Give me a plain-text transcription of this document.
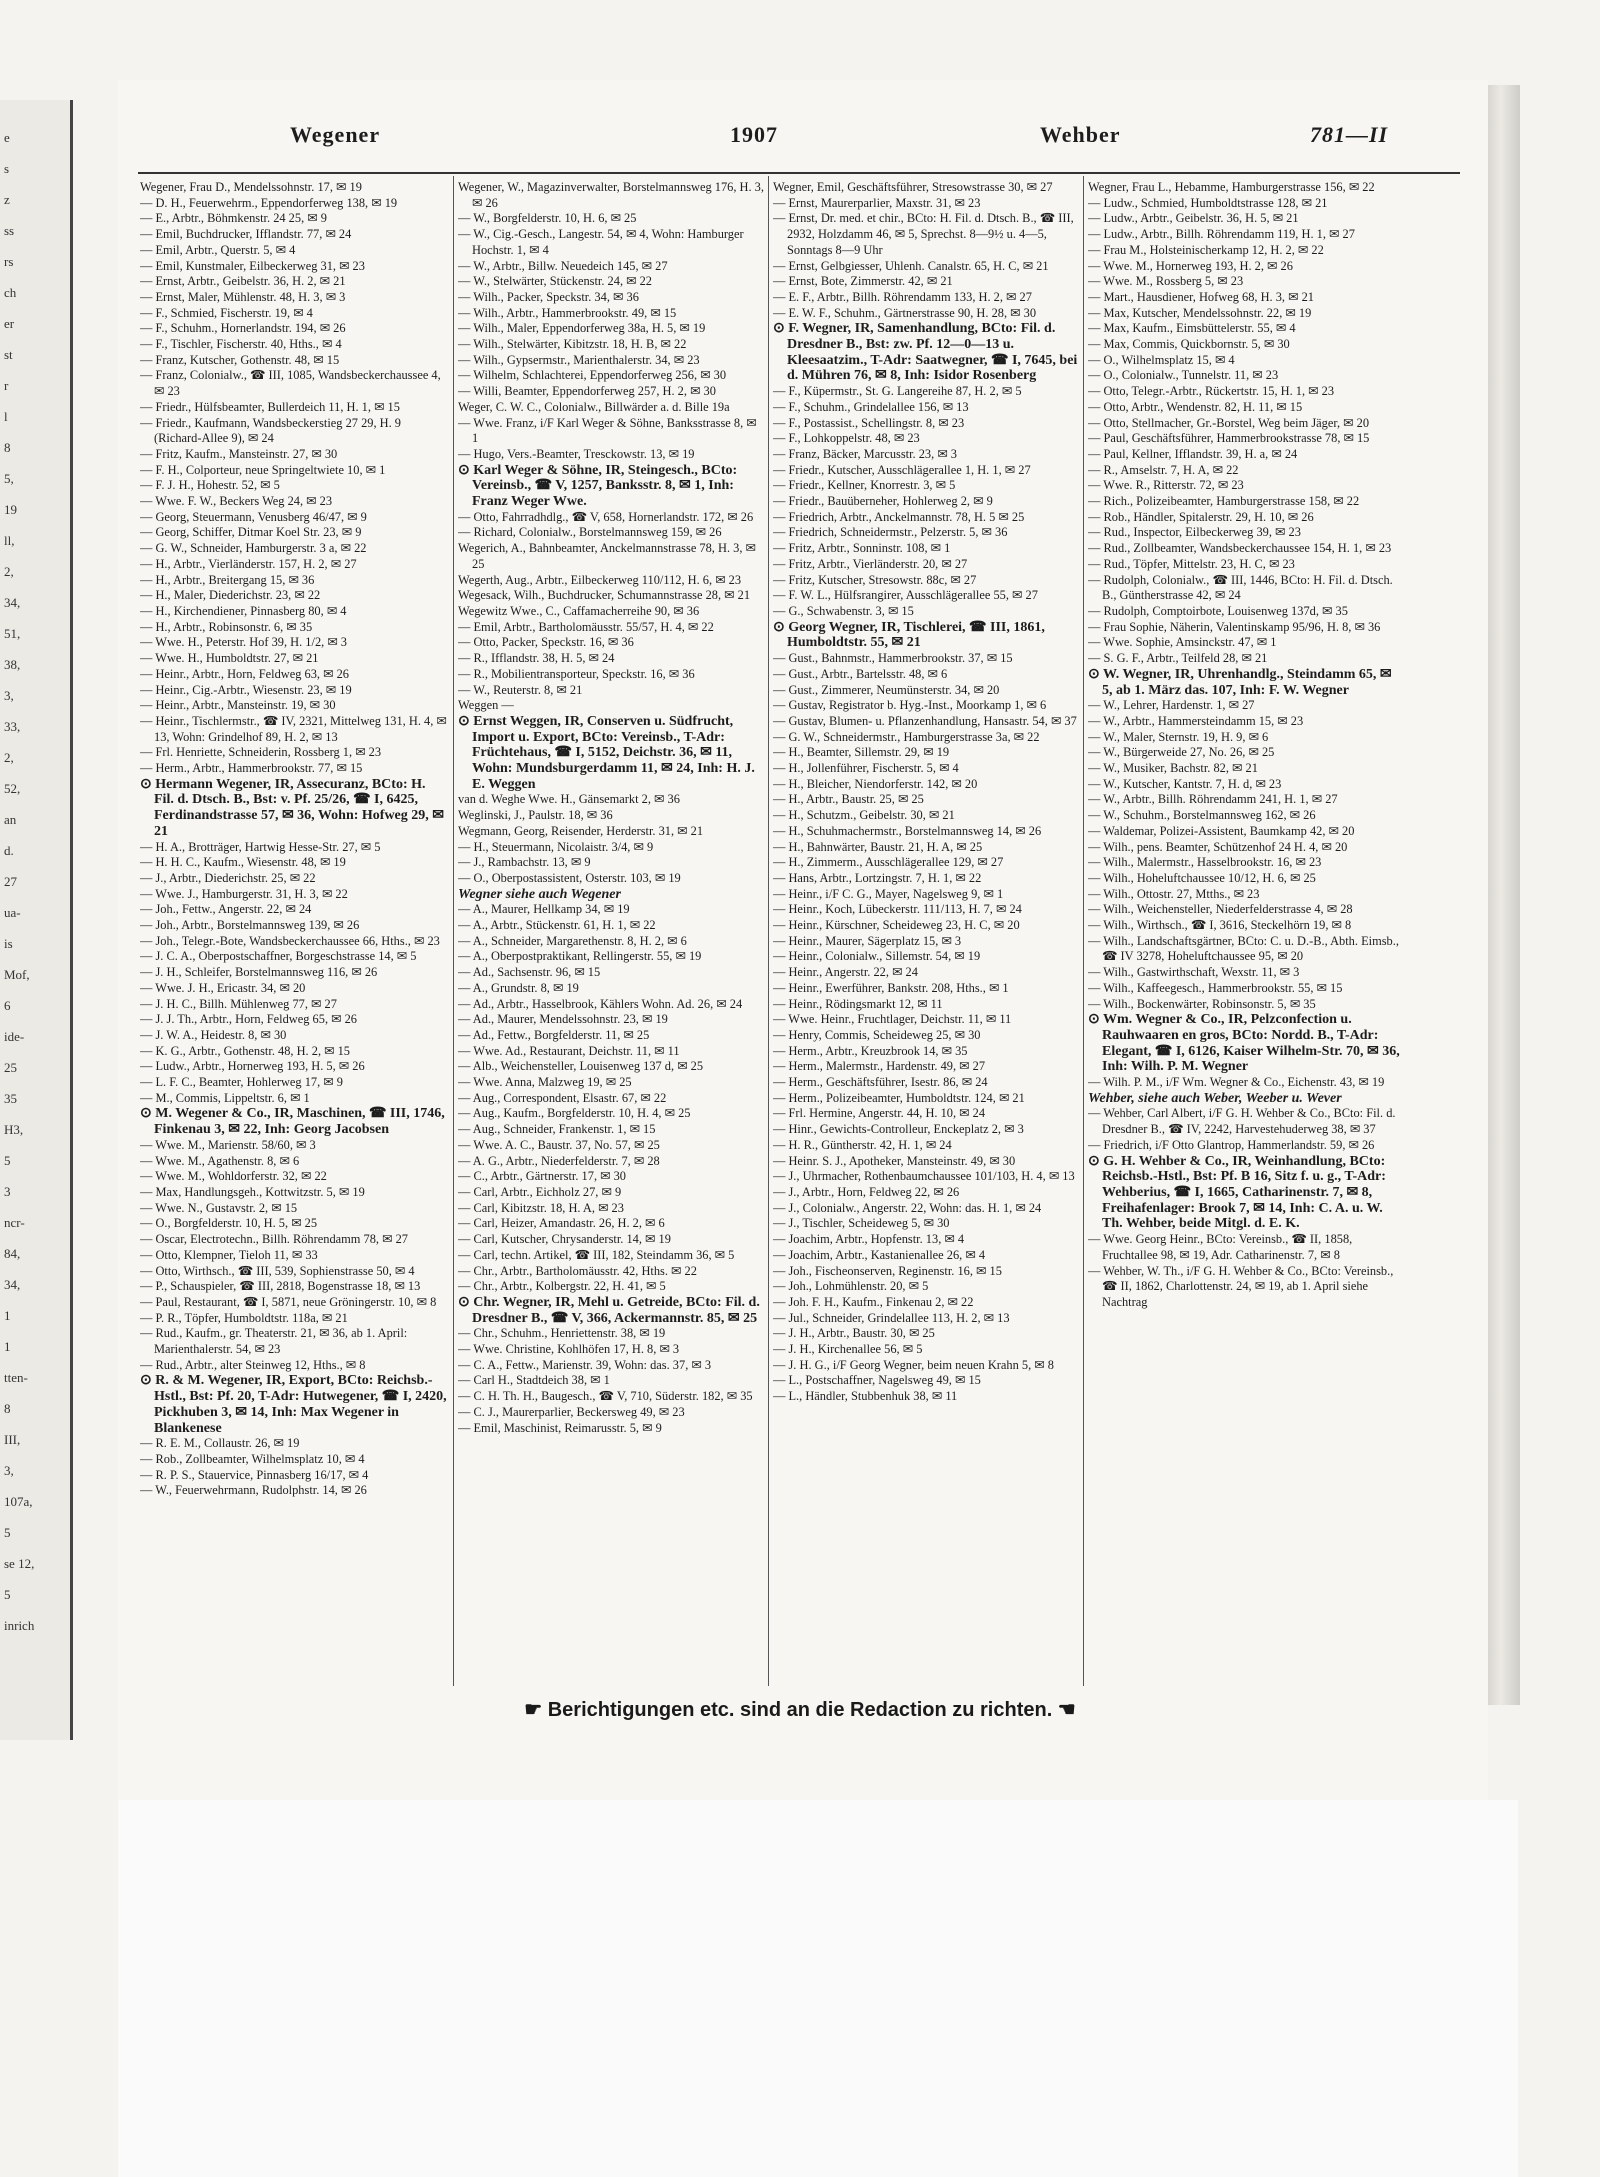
e
s
z
ss
rs
ch
er
st
r
l
8
5,
19
ll,
2,
34,
51,
38,
3,
33,
2,
52,
an
d.
27
ua-
is
Mof,
6
ide-
25
35
H3,
5
3
ncr-
84,
34,
1
1
tten-
8
III,
3,
107a,
5
se 12,
5
inrich
Wegener	1907	Wehber	781—II

Wegener, Frau D., Mendelssohnstr. 17, ✉ 19

— D. H., Feuerwehrm., Eppendorferweg 138, ✉ 19

— E., Arbtr., Böhmkenstr. 24 25, ✉ 9

— Emil, Buchdrucker, Ifflandstr. 77, ✉ 24

— Emil, Arbtr., Querstr. 5, ✉ 4

— Emil, Kunstmaler, Eilbeckerweg 31, ✉ 23

— Ernst, Arbtr., Geibelstr. 36, H. 2, ✉ 21

— Ernst, Maler, Mühlenstr. 48, H. 3, ✉ 3

— F., Schmied, Fischerstr. 19, ✉ 4

— F., Schuhm., Hornerlandstr. 194, ✉ 26

— F., Tischler, Fischerstr. 40, Hths., ✉ 4

— Franz, Kutscher, Gothenstr. 48, ✉ 15

— Franz, Colonialw., ☎ III, 1085, Wandsbeckerchaussee 4, ✉ 23

— Friedr., Hülfsbeamter, Bullerdeich 11, H. 1, ✉ 15

— Friedr., Kaufmann, Wandsbeckerstieg 27 29, H. 9 (Richard-Allee 9), ✉ 24

— Fritz, Kaufm., Mansteinstr. 27, ✉ 30

— F. H., Colporteur, neue Springeltwiete 10, ✉ 1

— F. J. H., Hohestr. 52, ✉ 5

— Wwe. F. W., Beckers Weg 24, ✉ 23

— Georg, Steuermann, Venusberg 46/47, ✉ 9

— Georg, Schiffer, Ditmar Koel Str. 23, ✉ 9

— G. W., Schneider, Hamburgerstr. 3 a, ✉ 22

— H., Arbtr., Vierländerstr. 157, H. 2, ✉ 27

— H., Arbtr., Breitergang 15, ✉ 36

— H., Maler, Diederichstr. 23, ✉ 22

— H., Kirchendiener, Pinnasberg 80, ✉ 4

— H., Arbtr., Robinsonstr. 6, ✉ 35

— Wwe. H., Peterstr. Hof 39, H. 1/2, ✉ 3

— Wwe. H., Humboldtstr. 27, ✉ 21

— Heinr., Arbtr., Horn, Feldweg 63, ✉ 26

— Heinr., Cig.-Arbtr., Wiesenstr. 23, ✉ 19

— Heinr., Arbtr., Mansteinstr. 19, ✉ 30

— Heinr., Tischlermstr., ☎ IV, 2321, Mittelweg 131, H. 4, ✉ 13, Wohn: Grindelhof 89, H. 2, ✉ 13

— Frl. Henriette, Schneiderin, Rossberg 1, ✉ 23

— Herm., Arbtr., Hammerbrookstr. 77, ✉ 15

⊙ Hermann Wegener, IR, Assecuranz, BCto: H. Fil. d. Dtsch. B., Bst: v. Pf. 25/26, ☎ I, 6425, Ferdinandstrasse 57, ✉ 36, Wohn: Hofweg 29, ✉ 21

— H. A., Brotträger, Hartwig Hesse-Str. 27, ✉ 5

— H. H. C., Kaufm., Wiesenstr. 48, ✉ 19

— J., Arbtr., Diederichstr. 25, ✉ 22

— Wwe. J., Hamburgerstr. 31, H. 3, ✉ 22

— Joh., Fettw., Angerstr. 22, ✉ 24

— Joh., Arbtr., Borstelmannsweg 139, ✉ 26

— Joh., Telegr.-Bote, Wandsbeckerchaussee 66, Hths., ✉ 23

— J. C. A., Oberpostschaffner, Borgeschstrasse 14, ✉ 5

— J. H., Schleifer, Borstelmannsweg 116, ✉ 26

— Wwe. J. H., Ericastr. 34, ✉ 20

— J. H. C., Billh. Mühlenweg 77, ✉ 27

— J. J. Th., Arbtr., Horn, Feldweg 65, ✉ 26

— J. W. A., Heidestr. 8, ✉ 30

— K. G., Arbtr., Gothenstr. 48, H. 2, ✉ 15

— Ludw., Arbtr., Hornerweg 193, H. 5, ✉ 26

— L. F. C., Beamter, Hohlerweg 17, ✉ 9

— M., Commis, Lippeltstr. 6, ✉ 1

⊙ M. Wegener & Co., IR, Maschinen, ☎ III, 1746, Finkenau 3, ✉ 22, Inh: Georg Jacobsen

— Wwe. M., Marienstr. 58/60, ✉ 3

— Wwe. M., Agathenstr. 8, ✉ 6

— Wwe. M., Wohldorferstr. 32, ✉ 22

— Max, Handlungsgeh., Kottwitzstr. 5, ✉ 19

— Wwe. N., Gustavstr. 2, ✉ 15

— O., Borgfelderstr. 10, H. 5, ✉ 25

— Oscar, Electrotechn., Billh. Röhrendamm 78, ✉ 27

— Otto, Klempner, Tieloh 11, ✉ 33

— Otto, Wirthsch., ☎ III, 539, Sophienstrasse 50, ✉ 4

— P., Schauspieler, ☎ III, 2818, Bogenstrasse 18, ✉ 13

— Paul, Restaurant, ☎ I, 5871, neue Gröningerstr. 10, ✉ 8

— P. R., Töpfer, Humboldtstr. 118a, ✉ 21

— Rud., Kaufm., gr. Theaterstr. 21, ✉ 36, ab 1. April: Marienthalerstr. 54, ✉ 23

— Rud., Arbtr., alter Steinweg 12, Hths., ✉ 8

⊙ R. & M. Wegener, IR, Export, BCto: Reichsb.-Hstl., Bst: Pf. 20, T-Adr: Hutwegener, ☎ I, 2420, Pickhuben 3, ✉ 14, Inh: Max Wegener in Blankenese

— R. E. M., Collaustr. 26, ✉ 19

— Rob., Zollbeamter, Wilhelmsplatz 10, ✉ 4

— R. P. S., Stauervice, Pinnasberg 16/17, ✉ 4

— W., Feuerwehrmann, Rudolphstr. 14, ✉ 26

Wegener, W., Magazinverwalter, Borstelmannsweg 176, H. 3, ✉ 26

— W., Borgfelderstr. 10, H. 6, ✉ 25

— W., Cig.-Gesch., Langestr. 54, ✉ 4, Wohn: Hamburger Hochstr. 1, ✉ 4

— W., Arbtr., Billw. Neuedeich 145, ✉ 27

— W., Stelwärter, Stückenstr. 24, ✉ 22

— Wilh., Packer, Speckstr. 34, ✉ 36

— Wilh., Arbtr., Hammerbrookstr. 49, ✉ 15

— Wilh., Maler, Eppendorferweg 38a, H. 5, ✉ 19

— Wilh., Stelwärter, Kibitzstr. 18, H. B, ✉ 22

— Wilh., Gypsermstr., Marienthalerstr. 34, ✉ 23

— Wilhelm, Schlachterei, Eppendorferweg 256, ✉ 30

— Willi, Beamter, Eppendorferweg 257, H. 2, ✉ 30

Weger, C. W. C., Colonialw., Billwärder a. d. Bille 19a

— Wwe. Franz, i/F Karl Weger & Söhne, Banksstrasse 8, ✉ 1

— Hugo, Vers.-Beamter, Tresckowstr. 13, ✉ 19

⊙ Karl Weger & Söhne, IR, Steingesch., BCto: Vereinsb., ☎ V, 1257, Banksstr. 8, ✉ 1, Inh: Franz Weger Wwe.

— Otto, Fahrradhdlg., ☎ V, 658, Hornerlandstr. 172, ✉ 26

— Richard, Colonialw., Borstelmannsweg 159, ✉ 26

Wegerich, A., Bahnbeamter, Anckelmannstrasse 78, H. 3, ✉ 25

Wegerth, Aug., Arbtr., Eilbeckerweg 110/112, H. 6, ✉ 23

Wegesack, Wilh., Buchdrucker, Schumannstrasse 28, ✉ 21

Wegewitz Wwe., C., Caffamacherreihe 90, ✉ 36

— Emil, Arbtr., Bartholomäusstr. 55/57, H. 4, ✉ 22

— Otto, Packer, Speckstr. 16, ✉ 36

— R., Ifflandstr. 38, H. 5, ✉ 24

— R., Mobilientransporteur, Speckstr. 16, ✉ 36

— W., Reuterstr. 8, ✉ 21

Weggen —

⊙ Ernst Weggen, IR, Conserven u. Südfrucht, Import u. Export, BCto: Vereinsb., T-Adr: Früchtehaus, ☎ I, 5152, Deichstr. 36, ✉ 11, Wohn: Mundsburgerdamm 11, ✉ 24, Inh: H. J. E. Weggen

van d. Weghe Wwe. H., Gänsemarkt 2, ✉ 36

Weglinski, J., Paulstr. 18, ✉ 36

Wegmann, Georg, Reisender, Herderstr. 31, ✉ 21

— H., Steuermann, Nicolaistr. 3/4, ✉ 9

— J., Rambachstr. 13, ✉ 9

— O., Oberpostassistent, Osterstr. 103, ✉ 19

Wegner siehe auch Wegener

— A., Maurer, Hellkamp 34, ✉ 19

— A., Arbtr., Stückenstr. 61, H. 1, ✉ 22

— A., Schneider, Margarethenstr. 8, H. 2, ✉ 6

— A., Oberpostpraktikant, Rellingerstr. 55, ✉ 19

— Ad., Sachsenstr. 96, ✉ 15

— A., Grundstr. 8, ✉ 19

— Ad., Arbtr., Hasselbrook, Kählers Wohn. Ad. 26, ✉ 24

— Ad., Maurer, Mendelssohnstr. 23, ✉ 19

— Ad., Fettw., Borgfelderstr. 11, ✉ 25

— Wwe. Ad., Restaurant, Deichstr. 11, ✉ 11

— Alb., Weichensteller, Louisenweg 137 d, ✉ 25

— Wwe. Anna, Malzweg 19, ✉ 25

— Aug., Correspondent, Elsastr. 67, ✉ 22

— Aug., Kaufm., Borgfelderstr. 10, H. 4, ✉ 25

— Aug., Schneider, Frankenstr. 1, ✉ 15

— Wwe. A. C., Baustr. 37, No. 57, ✉ 25

— A. G., Arbtr., Niederfelderstr. 7, ✉ 28

— C., Arbtr., Gärtnerstr. 17, ✉ 30

— Carl, Arbtr., Eichholz 27, ✉ 9

— Carl, Kibitzstr. 18, H. A, ✉ 23

— Carl, Heizer, Amandastr. 26, H. 2, ✉ 6

— Carl, Kutscher, Chrysanderstr. 14, ✉ 19

— Carl, techn. Artikel, ☎ III, 182, Steindamm 36, ✉ 5

— Chr., Arbtr., Bartholomäusstr. 42, Hths. ✉ 22

— Chr., Arbtr., Kolbergstr. 22, H. 41, ✉ 5

⊙ Chr. Wegner, IR, Mehl u. Getreide, BCto: Fil. d. Dresdner B., ☎ V, 366, Ackermannstr. 85, ✉ 25

— Chr., Schuhm., Henriettenstr. 38, ✉ 19

— Wwe. Christine, Kohlhöfen 17, H. 8, ✉ 3

— C. A., Fettw., Marienstr. 39, Wohn: das. 37, ✉ 3

— Carl H., Stadtdeich 38, ✉ 1

— C. H. Th. H., Baugesch., ☎ V, 710, Süderstr. 182, ✉ 35

— C. J., Maurerparlier, Beckersweg 49, ✉ 23

— Emil, Maschinist, Reimarusstr. 5, ✉ 9

Wegner, Emil, Geschäftsführer, Stresowstrasse 30, ✉ 27

— Ernst, Maurerparlier, Maxstr. 31, ✉ 23

— Ernst, Dr. med. et chir., BCto: H. Fil. d. Dtsch. B., ☎ III, 2932, Holzdamm 46, ✉ 5, Sprechst. 8—9½ u. 4—5, Sonntags 8—9 Uhr

— Ernst, Gelbgiesser, Uhlenh. Canalstr. 65, H. C, ✉ 21

— Ernst, Bote, Zimmerstr. 42, ✉ 21

— E. F., Arbtr., Billh. Röhrendamm 133, H. 2, ✉ 27

— E. W. F., Schuhm., Gärtnerstrasse 90, H. 28, ✉ 30

⊙ F. Wegner, IR, Samenhandlung, BCto: Fil. d. Dresdner B., Bst: zw. Pf. 12—0—13 u. Kleesaatzim., T-Adr: Saatwegner, ☎ I, 7645, bei d. Mühren 76, ✉ 8, Inh: Isidor Rosenberg

— F., Küpermstr., St. G. Langereihe 87, H. 2, ✉ 5

— F., Schuhm., Grindelallee 156, ✉ 13

— F., Postassist., Schellingstr. 8, ✉ 23

— F., Lohkoppelstr. 48, ✉ 23

— Franz, Bäcker, Marcusstr. 23, ✉ 3

— Friedr., Kutscher, Ausschlägerallee 1, H. 1, ✉ 27

— Friedr., Kellner, Knorrestr. 3, ✉ 5

— Friedr., Bauüberneher, Hohlerweg 2, ✉ 9

— Friedrich, Arbtr., Anckelmannstr. 78, H. 5 ✉ 25

— Friedrich, Schneidermstr., Pelzerstr. 5, ✉ 36

— Fritz, Arbtr., Sonninstr. 108, ✉ 1

— Fritz, Arbtr., Vierländerstr. 20, ✉ 27

— Fritz, Kutscher, Stresowstr. 88c, ✉ 27

— F. W. L., Hülfsrangirer, Ausschlägerallee 55, ✉ 27

— G., Schwabenstr. 3, ✉ 15

⊙ Georg Wegner, IR, Tischlerei, ☎ III, 1861, Humboldtstr. 55, ✉ 21

— Gust., Bahnmstr., Hammerbrookstr. 37, ✉ 15

— Gust., Arbtr., Bartelsstr. 48, ✉ 6

— Gust., Zimmerer, Neumünsterstr. 34, ✉ 20

— Gustav, Registrator b. Hyg.-Inst., Moorkamp 1, ✉ 6

— Gustav, Blumen- u. Pflanzenhandlung, Hansastr. 54, ✉ 37

— G. W., Schneidermstr., Hamburgerstrasse 3a, ✉ 22

— H., Beamter, Sillemstr. 29, ✉ 19

— H., Jollenführer, Fischerstr. 5, ✉ 4

— H., Bleicher, Niendorferstr. 142, ✉ 20

— H., Arbtr., Baustr. 25, ✉ 25

— H., Schutzm., Geibelstr. 30, ✉ 21

— H., Schuhmachermstr., Borstelmannsweg 14, ✉ 26

— H., Bahnwärter, Baustr. 21, H. A, ✉ 25

— H., Zimmerm., Ausschlägerallee 129, ✉ 27

— Hans, Arbtr., Lortzingstr. 7, H. 1, ✉ 22

— Heinr., i/F C. G., Mayer, Nagelsweg 9, ✉ 1

— Heinr., Koch, Lübeckerstr. 111/113, H. 7, ✉ 24

— Heinr., Kürschner, Scheideweg 23, H. C, ✉ 20

— Heinr., Maurer, Sägerplatz 15, ✉ 3

— Heinr., Colonialw., Sillemstr. 54, ✉ 19

— Heinr., Angerstr. 22, ✉ 24

— Heinr., Ewerführer, Bankstr. 208, Hths., ✉ 1

— Heinr., Rödingsmarkt 12, ✉ 11

— Wwe. Heinr., Fruchtlager, Deichstr. 11, ✉ 11

— Henry, Commis, Scheideweg 25, ✉ 30

— Herm., Arbtr., Kreuzbrook 14, ✉ 35

— Herm., Malermstr., Hardenstr. 49, ✉ 27

— Herm., Geschäftsführer, Isestr. 86, ✉ 24

— Herm., Polizeibeamter, Humboldtstr. 124, ✉ 21

— Frl. Hermine, Angerstr. 44, H. 10, ✉ 24

— Hinr., Gewichts-Controlleur, Enckeplatz 2, ✉ 3

— H. R., Güntherstr. 42, H. 1, ✉ 24

— Heinr. S. J., Apotheker, Mansteinstr. 49, ✉ 30

— J., Uhrmacher, Rothenbaumchaussee 101/103, H. 4, ✉ 13

— J., Arbtr., Horn, Feldweg 22, ✉ 26

— J., Colonialw., Angerstr. 22, Wohn: das. H. 1, ✉ 24

— J., Tischler, Scheideweg 5, ✉ 30

— Joachim, Arbtr., Hopfenstr. 13, ✉ 4

— Joachim, Arbtr., Kastanienallee 26, ✉ 4

— Joh., Fischeonserven, Reginenstr. 16, ✉ 15

— Joh., Lohmühlenstr. 20, ✉ 5

— Joh. F. H., Kaufm., Finkenau 2, ✉ 22

— Jul., Schneider, Grindelallee 113, H. 2, ✉ 13

— J. H., Arbtr., Baustr. 30, ✉ 25

— J. H., Kirchenallee 56, ✉ 5

— J. H. G., i/F Georg Wegner, beim neuen Krahn 5, ✉ 8

— L., Postschaffner, Nagelsweg 49, ✉ 15

— L., Händler, Stubbenhuk 38, ✉ 11

Wegner, Frau L., Hebamme, Hamburgerstrasse 156, ✉ 22

— Ludw., Schmied, Humboldtstrasse 128, ✉ 21

— Ludw., Arbtr., Geibelstr. 36, H. 5, ✉ 21

— Ludw., Arbtr., Billh. Röhrendamm 119, H. 1, ✉ 27

— Frau M., Holsteinischerkamp 12, H. 2, ✉ 22

— Wwe. M., Hornerweg 193, H. 2, ✉ 26

— Wwe. M., Rossberg 5, ✉ 23

— Mart., Hausdiener, Hofweg 68, H. 3, ✉ 21

— Max, Kutscher, Mendelssohnstr. 22, ✉ 19

— Max, Kaufm., Eimsbüttelerstr. 55, ✉ 4

— Max, Commis, Quickbornstr. 5, ✉ 30

— O., Wilhelmsplatz 15, ✉ 4

— O., Colonialw., Tunnelstr. 11, ✉ 23

— Otto, Telegr.-Arbtr., Rückertstr. 15, H. 1, ✉ 23

— Otto, Arbtr., Wendenstr. 82, H. 11, ✉ 15

— Otto, Stellmacher, Gr.-Borstel, Weg beim Jäger, ✉ 20

— Paul, Geschäftsführer, Hammerbrookstrasse 78, ✉ 15

— Paul, Kellner, Ifflandstr. 39, H. a, ✉ 24

— R., Amselstr. 7, H. A, ✉ 22

— Wwe. R., Ritterstr. 72, ✉ 23

— Rich., Polizeibeamter, Hamburgerstrasse 158, ✉ 22

— Rob., Händler, Spitalerstr. 29, H. 10, ✉ 26

— Rud., Inspector, Eilbeckerweg 39, ✉ 23

— Rud., Zollbeamter, Wandsbeckerchaussee 154, H. 1, ✉ 23

— Rud., Töpfer, Mittelstr. 23, H. C, ✉ 23

— Rudolph, Colonialw., ☎ III, 1446, BCto: H. Fil. d. Dtsch. B., Güntherstrasse 42, ✉ 24

— Rudolph, Comptoirbote, Louisenweg 137d, ✉ 35

— Frau Sophie, Näherin, Valentinskamp 95/96, H. 8, ✉ 36

— Wwe. Sophie, Amsinckstr. 47, ✉ 1

— S. G. F., Arbtr., Teilfeld 28, ✉ 21

⊙ W. Wegner, IR, Uhrenhandlg., Steindamm 65, ✉ 5, ab 1. März das. 107, Inh: F. W. Wegner

— W., Lehrer, Hardenstr. 1, ✉ 27

— W., Arbtr., Hammersteindamm 15, ✉ 23

— W., Maler, Sternstr. 19, H. 9, ✉ 6

— W., Bürgerweide 27, No. 26, ✉ 25

— W., Musiker, Bachstr. 82, ✉ 21

— W., Kutscher, Kantstr. 7, H. d, ✉ 23

— W., Arbtr., Billh. Röhrendamm 241, H. 1, ✉ 27

— W., Schuhm., Borstelmannsweg 162, ✉ 26

— Waldemar, Polizei-Assistent, Baumkamp 42, ✉ 20

— Wilh., pens. Beamter, Schützenhof 24 H. 4, ✉ 20

— Wilh., Malermstr., Hasselbrookstr. 16, ✉ 23

— Wilh., Hoheluftchaussee 10/12, H. 6, ✉ 25

— Wilh., Ottostr. 27, Mtths., ✉ 23

— Wilh., Weichensteller, Niederfelderstrasse 4, ✉ 28

— Wilh., Wirthsch., ☎ I, 3616, Steckelhörn 19, ✉ 8

— Wilh., Landschaftsgärtner, BCto: C. u. D.-B., Abth. Eimsb., ☎ IV 3278, Hoheluftchaussee 95, ✉ 20

— Wilh., Gastwirthschaft, Wexstr. 11, ✉ 3

— Wilh., Kaffeegesch., Hammerbrookstr. 55, ✉ 15

— Wilh., Bockenwärter, Robinsonstr. 5, ✉ 35

⊙ Wm. Wegner & Co., IR, Pelzconfection u. Rauhwaaren en gros, BCto: Nordd. B., T-Adr: Elegant, ☎ I, 6126, Kaiser Wilhelm-Str. 70, ✉ 36, Inh: Wilh. P. M. Wegner

— Wilh. P. M., i/F Wm. Wegner & Co., Eichenstr. 43, ✉ 19

Wehber, siehe auch Weber, Weeber u. Wever

— Wehber, Carl Albert, i/F G. H. Wehber & Co., BCto: Fil. d. Dresdner B., ☎ IV, 2242, Harvestehuderweg 38, ✉ 37

— Friedrich, i/F Otto Glantrop, Hammerlandstr. 59, ✉ 26

⊙ G. H. Wehber & Co., IR, Weinhandlung, BCto: Reichsb.-Hstl., Bst: Pf. B 16, Sitz f. u. g., T-Adr: Wehberius, ☎ I, 1665, Catharinenstr. 7, ✉ 8, Freihafenlager: Brook 7, ✉ 14, Inh: C. A. u. W. Th. Wehber, beide Mitgl. d. E. K.

— Wwe. Georg Heinr., BCto: Vereinsb., ☎ II, 1858, Fruchtallee 98, ✉ 19, Adr. Catharinenstr. 7, ✉ 8

— Wehber, W. Th., i/F G. H. Wehber & Co., BCto: Vereinsb., ☎ II, 1862, Charlottenstr. 24, ✉ 19, ab 1. April siehe Nachtrag

☛ Berichtigungen etc. sind an die Redaction zu richten. ☚
